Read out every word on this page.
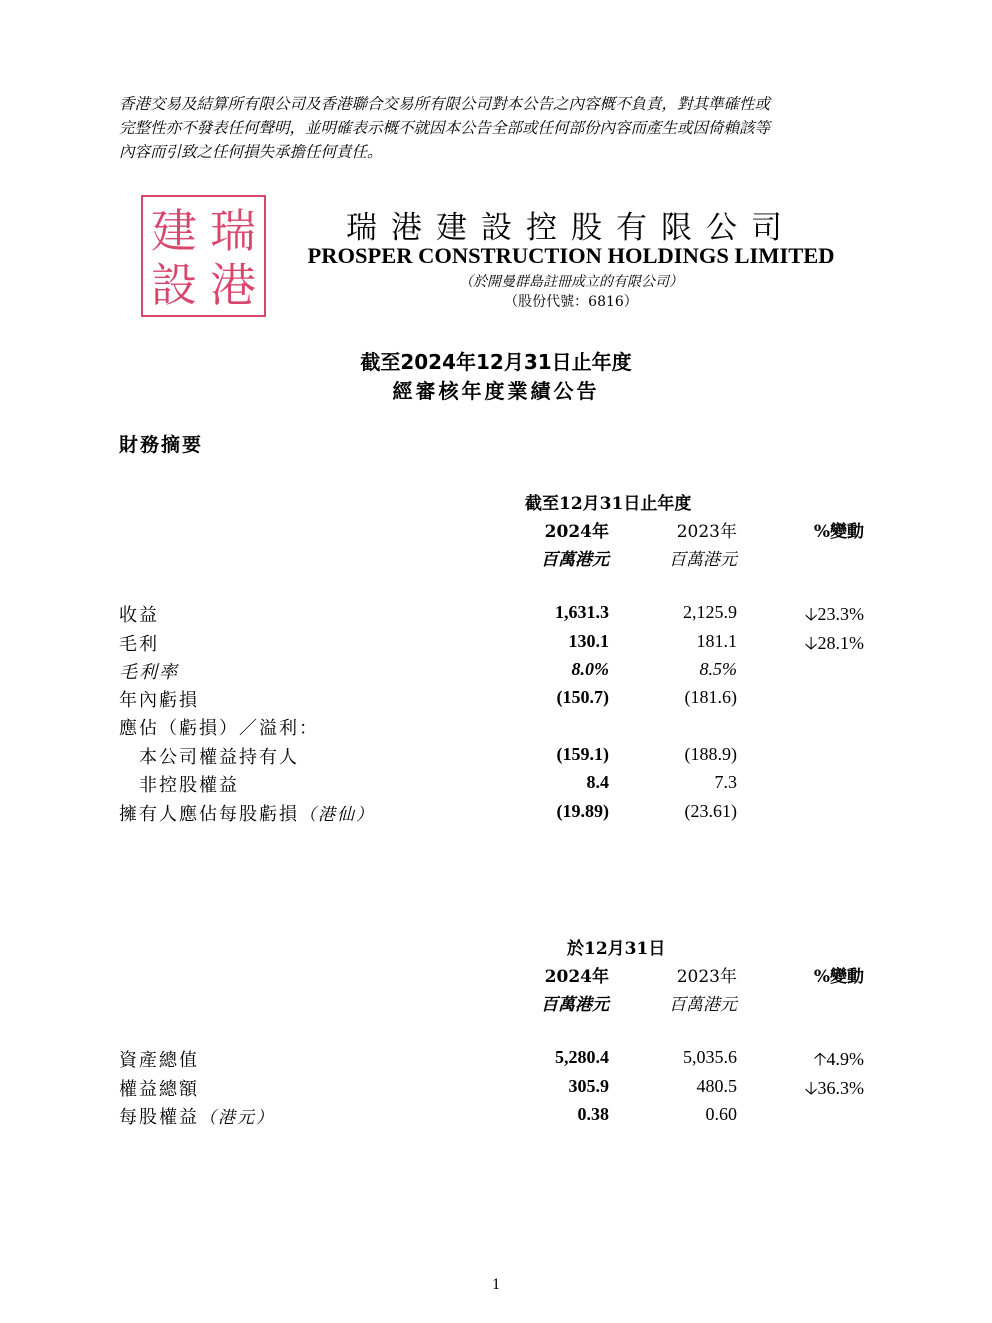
香港交易及結算所有限公司及香港聯合交易所有限公司對本公告之內容概不負責，對其準確性或
完整性亦不發表任何聲明，並明確表示概不就因本公告全部或任何部份內容而產生或因倚賴該等
內容而引致之任何損失承擔任何責任。
瑞
港
建
設
瑞港建設控股有限公司
PROSPER CONSTRUCTION HOLDINGS LIMITED
（於開曼群島註冊成立的有限公司）
（股份代號：6816）
截至2024年12月31日止年度
經審核年度業績公告
財務摘要
截至12月31日止年度
2024年	2023年	%變動
百萬港元	百萬港元
收益	1,631.3	2,125.9	🡣23.3%
毛利	130.1	181.1	🡣28.1%
毛利率	8.0%	8.5%
年內虧損	(150.7)	(181.6)
應佔（虧損）／溢利：
本公司權益持有人	(159.1)	(188.9)
非控股權益	8.4	7.3
擁有人應佔每股虧損（港仙）	(19.89)	(23.61)
於12月31日
2024年	2023年	%變動
百萬港元	百萬港元
資產總值	5,280.4	5,035.6	🡡4.9%
權益總額	305.9	480.5	🡣36.3%
每股權益（港元）	0.38	0.60
1
